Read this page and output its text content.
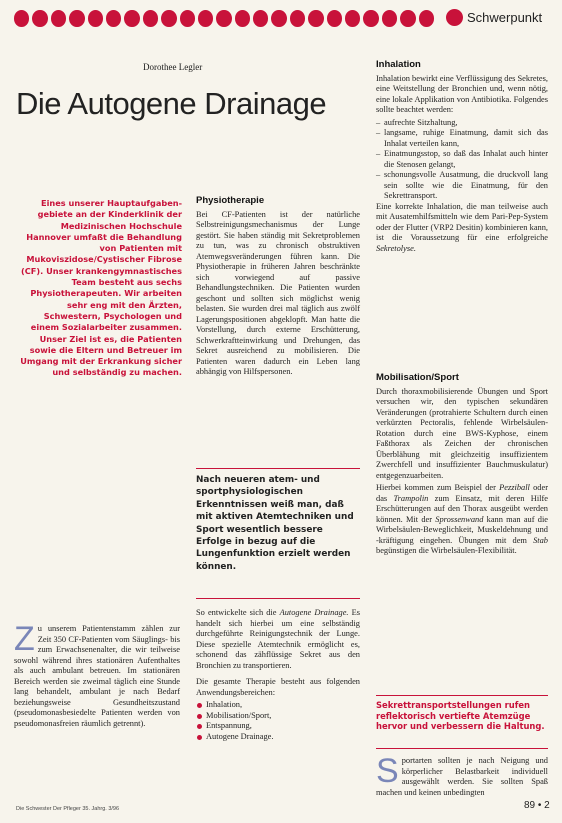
Schwerpunkt
Dorothee Legler
Die Autogene Drainage
Eines unserer Hauptaufgaben-gebiete an der Kinderklinik der Medizinischen Hochschule Hannover umfaßt die Behandlung von Patienten mit Mukoviszidose/Cystischer Fibrose (CF). Unser krankengymnastisches Team besteht aus sechs Physiotherapeuten. Wir arbeiten sehr eng mit den Ärzten, Schwestern, Psychologen und einem Sozialarbeiter zusammen. Unser Ziel ist es, die Patienten sowie die Eltern und Betreuer im Umgang mit der Erkrankung sicher und selbständig zu machen.
Physiotherapie

Bei CF-Patienten ist der natürliche Selbstreinigungsmechanismus der Lunge gestört. Sie haben ständig mit Sekretproblemen zu tun, was zu chronisch obstruktiven Atemwegsveränderungen führen kann. Die Physiotherapie in früheren Jahren beschränkte sich vorwiegend auf passive Behandlungstechniken. Die Patienten wurden geschont und sollten sich möglichst wenig belasten. Sie wurden drei mal täglich aus zwölf Lagerungspositionen abgeklopft. Man hatte die Vorstellung, durch externe Erschütterung, Schwerkraftteinwirkung und Drehungen, das Sekret ausreichend zu mobilisieren. Die Patienten waren dadurch ein Leben lang abhängig von Hilfspersonen.

Nach neueren atem- und sportphysiologischen Erkenntnissen weiß man, daß mit aktiven Atemtechniken und Sport wesentlich bessere Erfolge in bezug auf die Lungenfunktion erzielt werden können.

So entwickelte sich die Autogene Drainage. Es handelt sich hierbei um eine selbständig durchgeführte Reinigungstechnik der Lunge. Diese spezielle Atemtechnik ermöglicht es, schonend das zähflüssige Sekret aus den Bronchien zu transportieren.

Die gesamte Therapie besteht aus folgenden Anwendungsbereichen:

Inhalation,
Mobilisation/Sport,
Entspannung,
Autogene Drainage.

Zu unserem Patientenstamm zählen zur Zeit 350 CF-Patienten vom Säuglings- bis zum Erwachsenenalter, die wir teilweise sowohl während ihres stationären Aufenthaltes als auch ambulant betreuen. Im stationären Bereich werden sie zweimal täglich eine Stunde lang behandelt, ambulant je nach Bedarf beziehungsweise Gesundheitszustand (pseudomonasbesiedelte Patienten werden von pseudomonasfreien räumlich getrennt).

Inhalation

Inhalation bewirkt eine Verflüssigung des Sekretes, eine Weitstellung der Bronchien und, wenn nötig, eine lokale Applikation von Antibiotika. Folgendes sollte beachtet werden:

– aufrechte Sitzhaltung,
– langsame, ruhige Einatmung, damit sich das Inhalat verteilen kann,
– Einatmungsstop, so daß das Inhalat auch hinter die Stenosen gelangt,
– schonungsvolle Ausatmung, die druckvoll lang sein sollte wie die Einatmung, für den Sekrettransport.

Eine korrekte Inhalation, die man teilweise auch mit Ausatemhilfsmitteln wie dem Pari-Pep-System oder der Flutter (VRP2 Desitin) kombinieren kann, ist die Voraussetzung für eine erfolgreiche Sekretolyse.

Mobilisation/Sport

Durch thoraxmobilisierende Übungen und Sport versuchen wir, den typischen sekundären Veränderungen (protrahierte Schultern durch einen verkürzten Pectoralis, fehlende Wirbelsäulen-Rotation durch eine BWS-Kyphose, einem Faßthorax als Zeichen der chronischen Überblähung mit gleichzeitig insuffizientem Zwerchfell und insuffizienter Bauchmuskulatur) entgegenzuarbeiten.

Hierbei kommen zum Beispiel der Pezziball oder das Trampolin zum Einsatz, mit deren Hilfe Erschütterungen auf den Thorax ausgeübt werden können. Mit der Sprossenwand kann man auf die Wirbelsäulen-Beweglichkeit, Muskeldehnung und -kräftigung eingehen. Übungen mit dem Stab begünstigen die Wirbelsäulen-Flexibilität.

Sekrettransportstellungen rufen reflektorisch vertiefte Atemzüge hervor und verbessern die Haltung.

Sportarten sollten je nach Neigung und körperlicher Belastbarkeit individuell ausgewählt werden. Sie sollten Spaß machen und keinen unbedingten

Die Schwester Der Pfleger 35. Jahrg. 3/96	89 • 2
